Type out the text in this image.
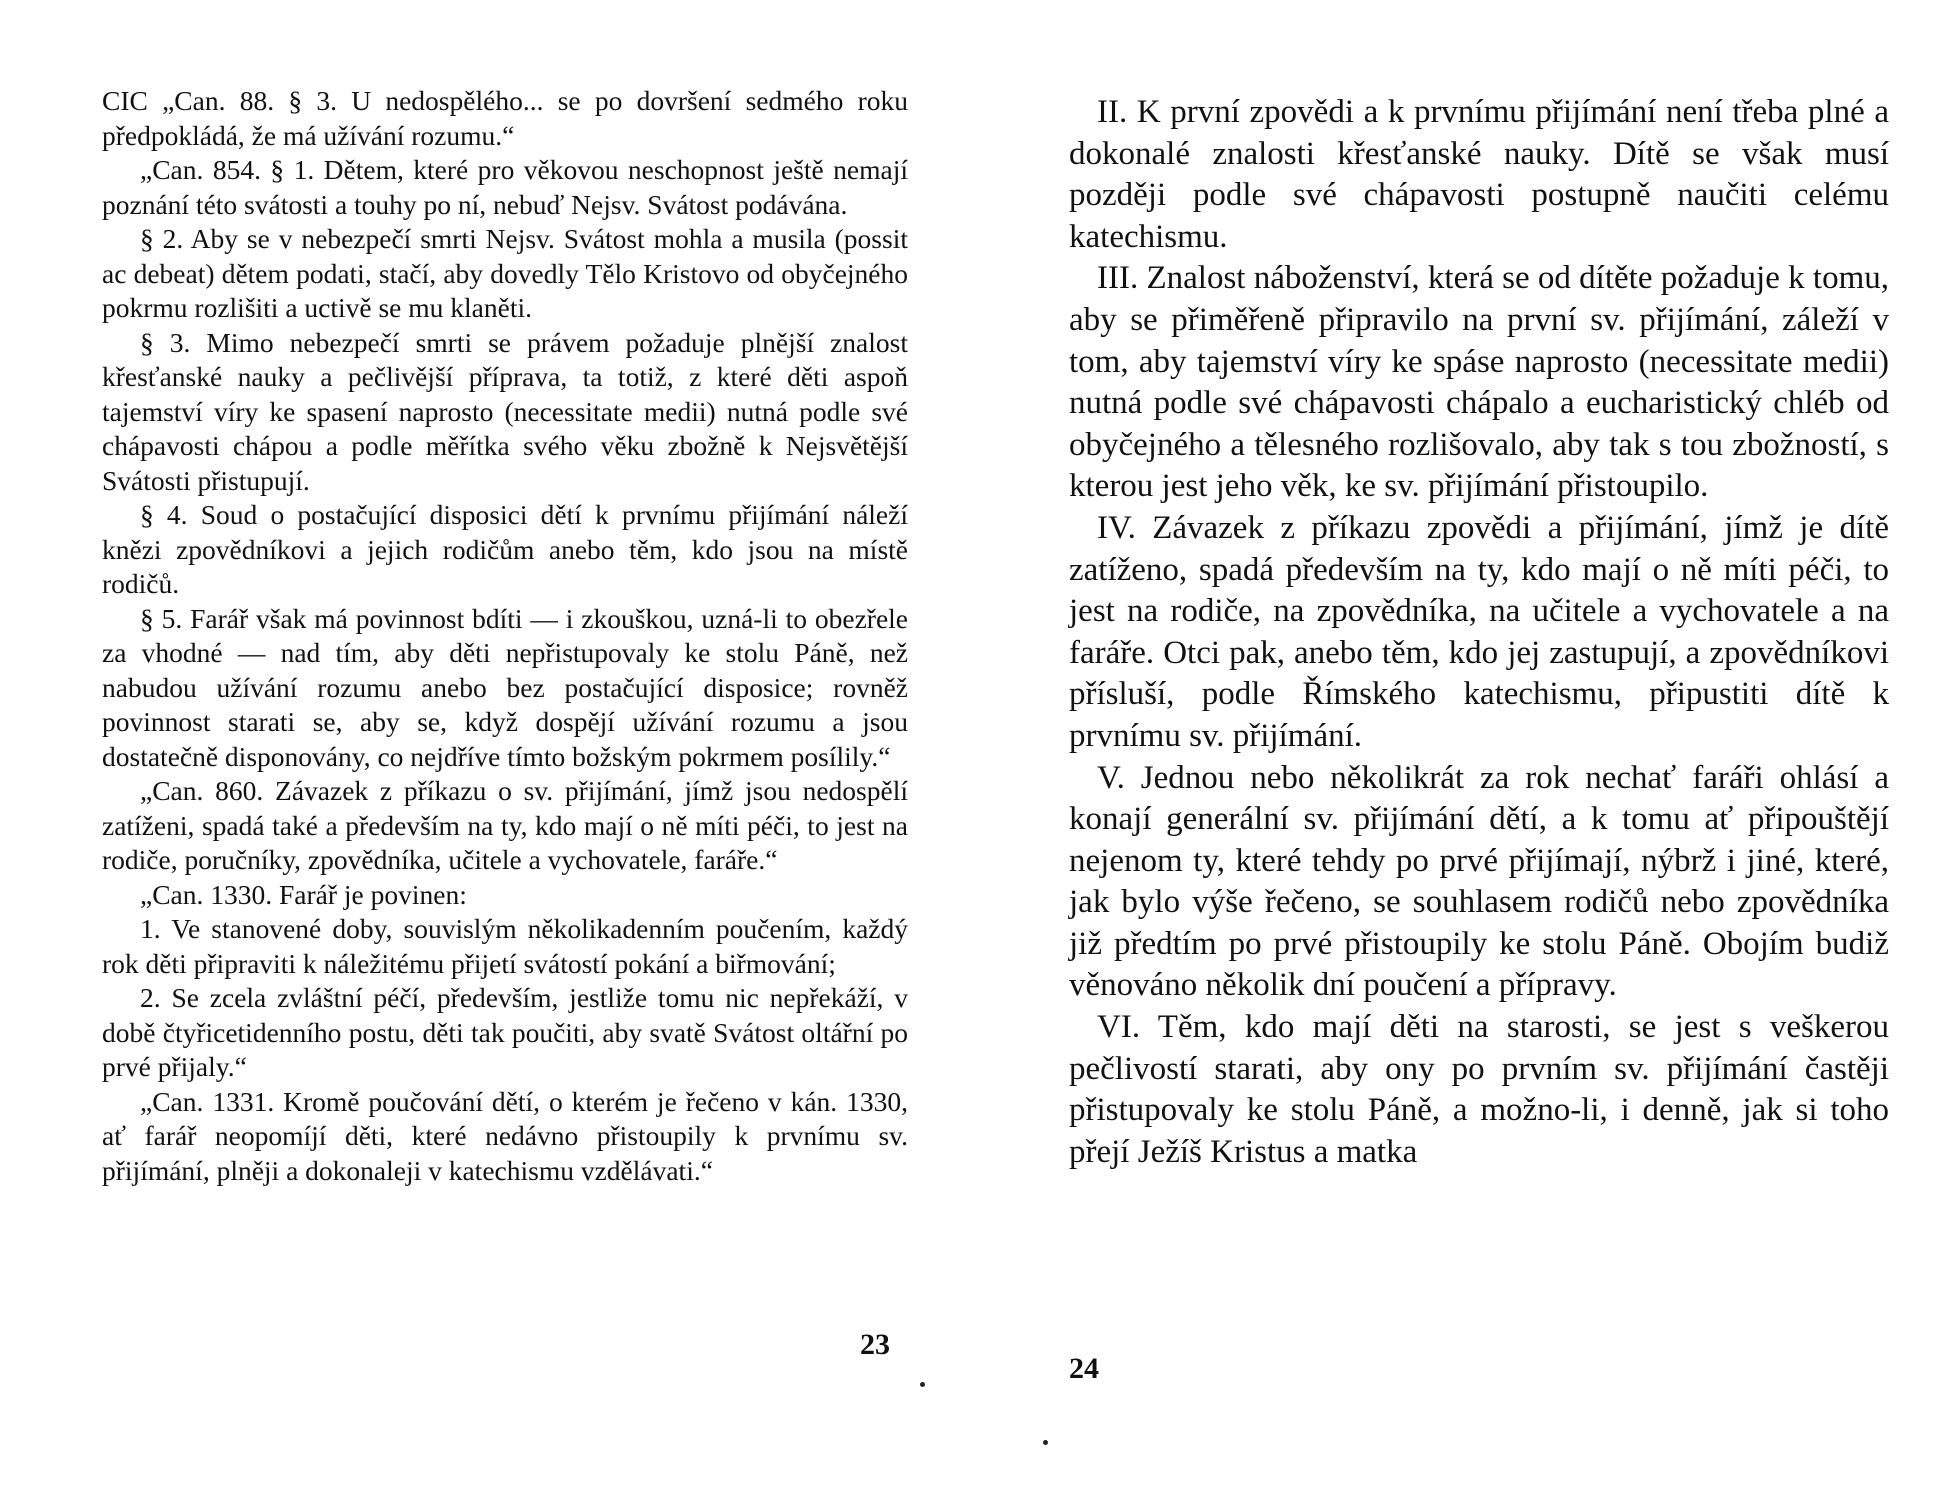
CIC „Can. 88. § 3. U nedospělého... se po dovršení sedmého roku předpokládá, že má užívání rozumu.“

„Can. 854. § 1. Dětem, které pro věkovou neschopnost ještě nemají poznání této svátosti a touhy po ní, nebuď Nejsv. Svátost podávána.

§ 2. Aby se v nebezpečí smrti Nejsv. Svátost mohla a musila (possit ac debeat) dětem podati, stačí, aby dovedly Tělo Kristovo od obyčejného pokrmu rozlišiti a uctivě se mu klaněti.

§ 3. Mimo nebezpečí smrti se právem požaduje plnější znalost křesťanské nauky a pečlivější příprava, ta totiž, z které děti aspoň tajemství víry ke spasení naprosto (necessitate medii) nutná podle své chápavosti chápou a podle měřítka svého věku zbožně k Nejsvětější Svátosti přistupují.

§ 4. Soud o postačující disposici dětí k prvnímu přijímání náleží knězi zpovědníkovi a jejich rodičům anebo těm, kdo jsou na místě rodičů.

§ 5. Farář však má povinnost bdíti — i zkouškou, uzná-li to obezřele za vhodné — nad tím, aby děti nepřistupovaly ke stolu Páně, než nabudou užívání rozumu anebo bez postačující disposice; rovněž povinnost starati se, aby se, když dospějí užívání rozumu a jsou dostatečně disponovány, co nejdříve tímto božským pokrmem posílily.“

„Can. 860. Závazek z příkazu o sv. přijímání, jímž jsou nedospělí zatíženi, spadá také a především na ty, kdo mají o ně míti péči, to jest na rodiče, poručníky, zpovědníka, učitele a vychovatele, faráře.“

„Can. 1330. Farář je povinen:

1. Ve stanovené doby, souvislým několikadenním poučením, každý rok děti připraviti k náležitému přijetí svátostí pokání a biřmování;

2. Se zcela zvláštní péčí, především, jestliže tomu nic nepřekáží, v době čtyřicetidenního postu, děti tak poučiti, aby svatě Svátost oltářní po prvé přijaly.“

„Can. 1331. Kromě poučování dětí, o kterém je řečeno v kán. 1330, ať farář neopomíjí děti, které nedávno přistoupily k prvnímu sv. přijímání, plněji a dokonaleji v katechismu vzdělávati.“

23

II. K první zpovědi a k prvnímu přijímání není třeba plné a dokonalé znalosti křesťanské nauky. Dítě se však musí později podle své chápavosti postupně naučiti celému katechismu.

III. Znalost náboženství, která se od dítěte požaduje k tomu, aby se přiměřeně připravilo na první sv. přijímání, záleží v tom, aby tajemství víry ke spáse naprosto (necessitate medii) nutná podle své chápavosti chápalo a eucharistický chléb od obyčejného a tělesného rozlišovalo, aby tak s tou zbožností, s kterou jest jeho věk, ke sv. přijímání přistoupilo.

IV. Závazek z příkazu zpovědi a přijímání, jímž je dítě zatíženo, spadá především na ty, kdo mají o ně míti péči, to jest na rodiče, na zpovědníka, na učitele a vychovatele a na faráře. Otci pak, anebo těm, kdo jej zastupují, a zpovědníkovi přísluší, podle Římského katechismu, připustiti dítě k prvnímu sv. přijímání.

V. Jednou nebo několikrát za rok nechať faráři ohlásí a konají generální sv. přijímání dětí, a k tomu ať připouštějí nejenom ty, které tehdy po prvé přijímají, nýbrž i jiné, které, jak bylo výše řečeno, se souhlasem rodičů nebo zpovědníka již předtím po prvé přistoupily ke stolu Páně. Obojím budiž věnováno několik dní poučení a přípravy.

VI. Těm, kdo mají děti na starosti, se jest s veškerou pečlivostí starati, aby ony po prvním sv. přijímání častěji přistupovaly ke stolu Páně, a možno-li, i denně, jak si toho přejí Ježíš Kristus a matka

24
